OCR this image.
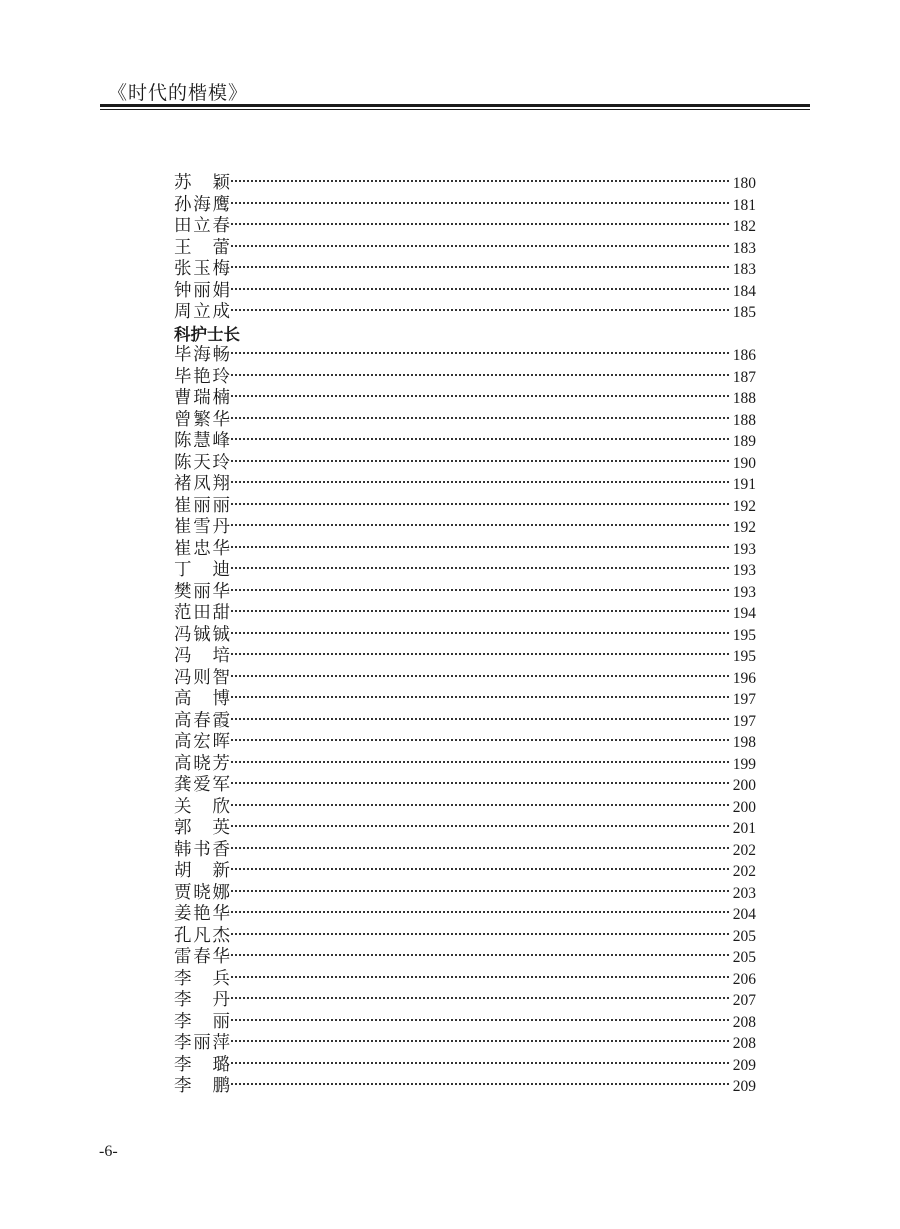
《时代的楷模》
苏　颖	180
孙海鹰	181
田立春	182
王　蕾	183
张玉梅	183
钟丽娟	184
周立成	185
科护士长
毕海畅	186
毕艳玲	187
曹瑞楠	188
曾繁华	188
陈慧峰	189
陈天玲	190
褚凤翔	191
崔丽丽	192
崔雪丹	192
崔忠华	193
丁　迪	193
樊丽华	193
范田甜	194
冯铖铖	195
冯　培	195
冯则智	196
高　博	197
高春霞	197
高宏晖	198
高晓芳	199
龚爱军	200
关　欣	200
郭　英	201
韩书香	202
胡　新	202
贾晓娜	203
姜艳华	204
孔凡杰	205
雷春华	205
李　兵	206
李　丹	207
李　丽	208
李丽萍	208
李　璐	209
李　鹏	209
-6-
